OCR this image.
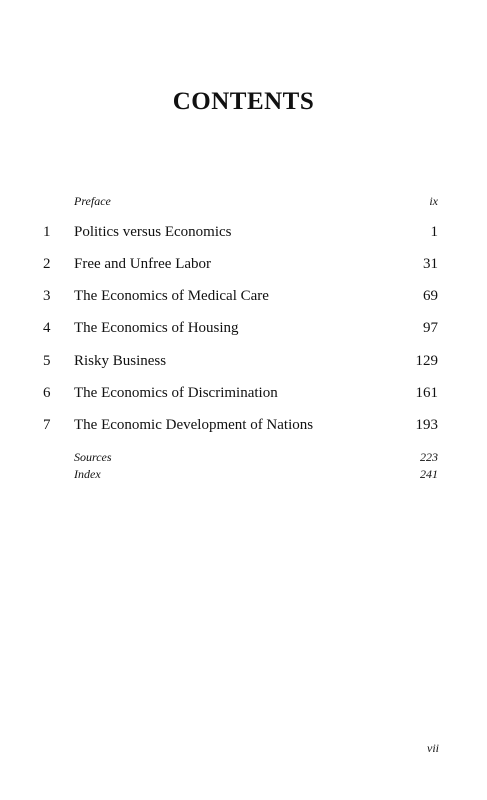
CONTENTS
Preface	ix
1 Politics versus Economics	1
2 Free and Unfree Labor	31
3 The Economics of Medical Care	69
4 The Economics of Housing	97
5 Risky Business	129
6 The Economics of Discrimination	161
7 The Economic Development of Nations	193
Sources	223
Index	241
vii
